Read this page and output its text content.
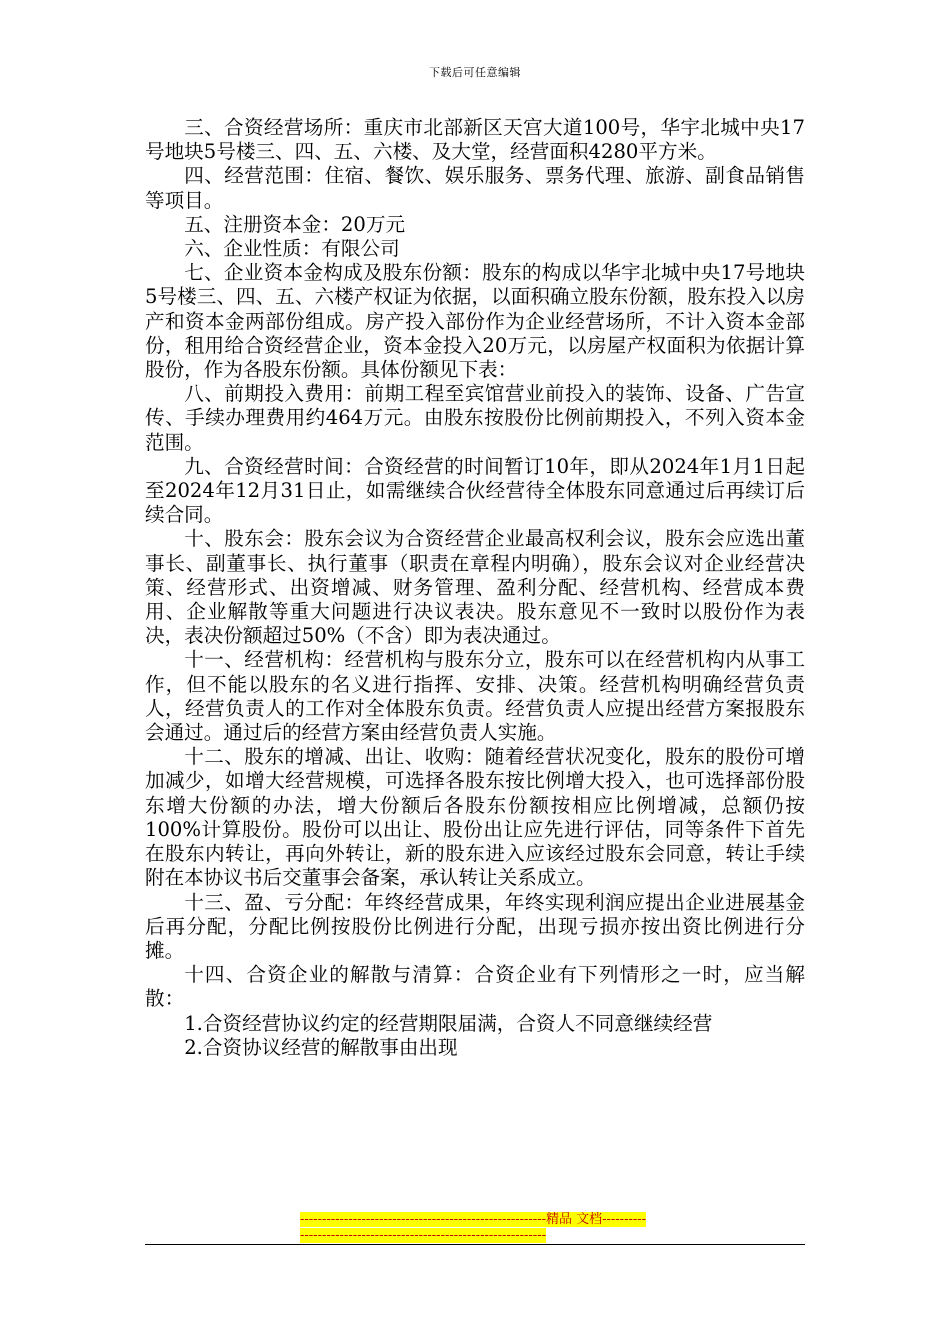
下载后可任意编辑

三、合资经营场所：重庆市北部新区天宫大道100号，华宇北城中央17号地块5号楼三、四、五、六楼、及大堂，经营面积4280平方米。

四、经营范围：住宿、餐饮、娱乐服务、票务代理、旅游、副食品销售等项目。

五、注册资本金：20万元

六、企业性质：有限公司

七、企业资本金构成及股东份额：股东的构成以华宇北城中央17号地块5号楼三、四、五、六楼产权证为依据，以面积确立股东份额，股东投入以房产和资本金两部份组成。房产投入部份作为企业经营场所，不计入资本金部份，租用给合资经营企业，资本金投入20万元，以房屋产权面积为依据计算股份，作为各股东份额。具体份额见下表：

八、前期投入费用：前期工程至宾馆营业前投入的装饰、设备、广告宣传、手续办理费用约464万元。由股东按股份比例前期投入，不列入资本金范围。

九、合资经营时间：合资经营的时间暂订10年，即从2024年1月1日起至2024年12月31日止，如需继续合伙经营待全体股东同意通过后再续订后续合同。

十、股东会：股东会议为合资经营企业最高权利会议，股东会应选出董事长、副董事长、执行董事（职责在章程内明确），股东会议对企业经营决策、经营形式、出资增减、财务管理、盈利分配、经营机构、经营成本费用、企业解散等重大问题进行决议表决。股东意见不一致时以股份作为表决，表决份额超过50%（不含）即为表决通过。

十一、经营机构：经营机构与股东分立，股东可以在经营机构内从事工作，但不能以股东的名义进行指挥、安排、决策。经营机构明确经营负责人，经营负责人的工作对全体股东负责。经营负责人应提出经营方案报股东会通过。通过后的经营方案由经营负责人实施。

十二、股东的增减、出让、收购：随着经营状况变化，股东的股份可增加减少，如增大经营规模，可选择各股东按比例增大投入，也可选择部份股东增大份额的办法，增大份额后各股东份额按相应比例增减，总额仍按100%计算股份。股份可以出让、股份出让应先进行评估，同等条件下首先在股东内转让，再向外转让，新的股东进入应该经过股东会同意，转让手续附在本协议书后交董事会备案，承认转让关系成立。

十三、盈、亏分配：年终经营成果，年终实现利润应提出企业进展基金后再分配，分配比例按股份比例进行分配，出现亏损亦按出资比例进行分摊。

十四、合资企业的解散与清算：合资企业有下列情形之一时，应当解散：

1.合资经营协议约定的经营期限届满，合资人不同意继续经营

2.合资协议经营的解散事由出现

--------------------------------------------------------精品 文档------------------------------------------------------------------
